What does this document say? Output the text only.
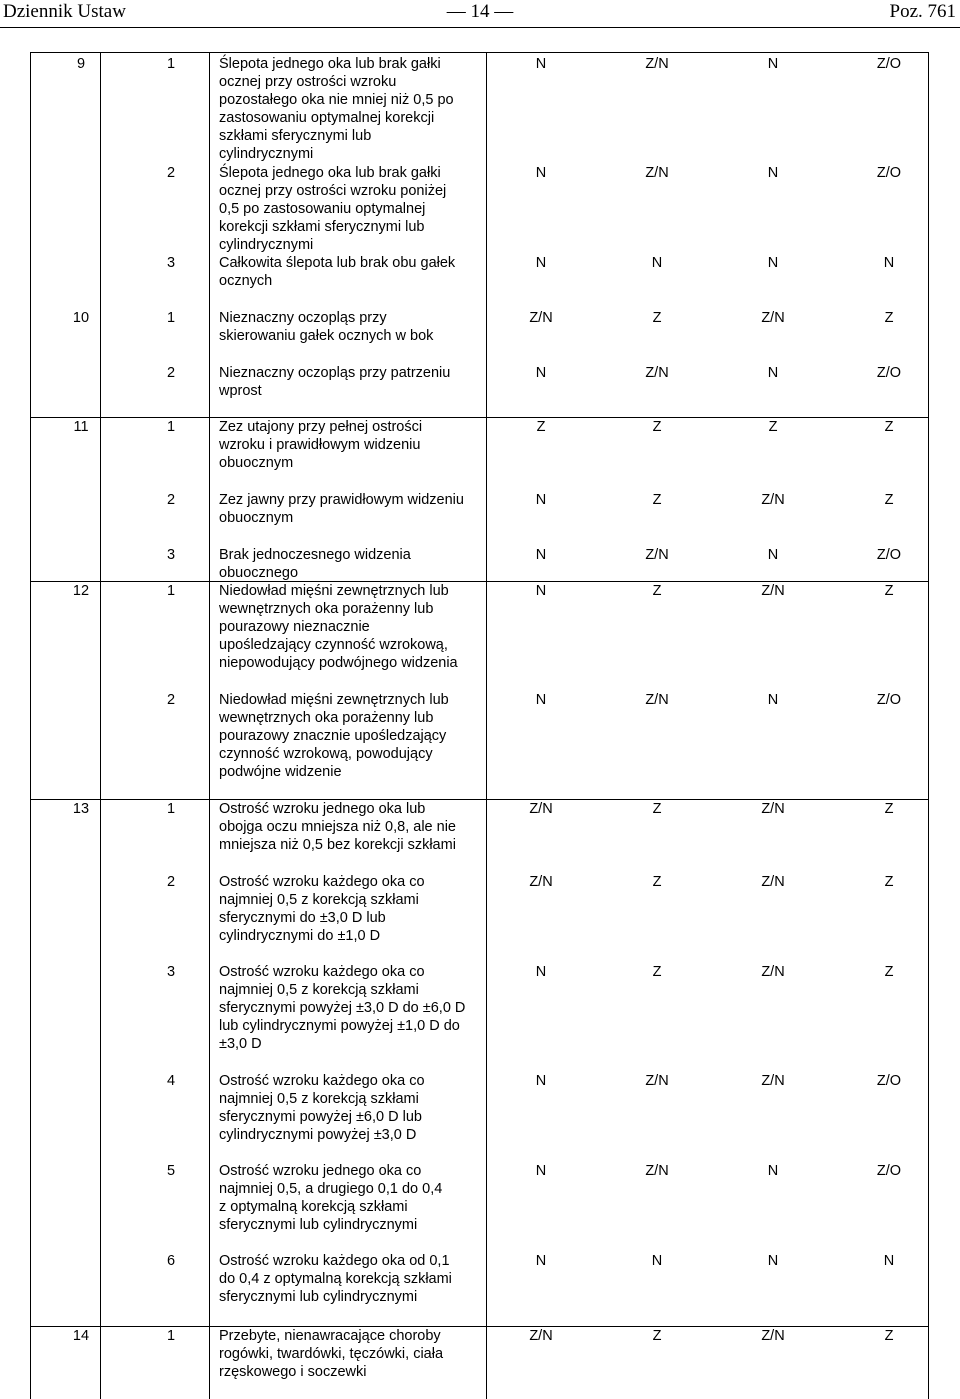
Dziennik Ustaw	— 14 —	Poz. 761
9	1	Ślepota jednego oka lub brak gałki
ocznej przy ostrości wzroku
pozostałego oka nie mniej niż 0,5 po
zastosowaniu optymalnej korekcji
szkłami sferycznymi lub
cylindrycznymi
N	Z/N	N	Z/O
2	Ślepota jednego oka lub brak gałki
ocznej przy ostrości wzroku poniżej
0,5 po zastosowaniu optymalnej
korekcji szkłami sferycznymi lub
cylindrycznymi
N	Z/N	N	Z/O
3	Całkowita ślepota lub brak obu gałek
ocznych
N	N	N	N
10	1	Nieznaczny oczopląs przy
skierowaniu gałek ocznych w bok
Z/N	Z	Z/N	Z
2	Nieznaczny oczopląs przy patrzeniu
wprost
N	Z/N	N	Z/O
11	1	Zez utajony przy pełnej ostrości
wzroku i prawidłowym widzeniu
obuocznym
Z	Z	Z	Z
2	Zez jawny przy prawidłowym widzeniu
obuocznym
N	Z	Z/N	Z
3	Brak jednoczesnego widzenia
obuocznego
N	Z/N	N	Z/O
12	1	Niedowład mięśni zewnętrznych lub
wewnętrznych oka porażenny lub
pourazowy nieznacznie
upośledzający czynność wzrokową,
niepowodujący podwójnego widzenia
N	Z	Z/N	Z
2	Niedowład mięśni zewnętrznych lub
wewnętrznych oka porażenny lub
pourazowy znacznie upośledzający
czynność wzrokową, powodujący
podwójne widzenie
N	Z/N	N	Z/O
13	1	Ostrość wzroku jednego oka lub
obojga oczu mniejsza niż 0,8, ale nie
mniejsza niż 0,5 bez korekcji szkłami
Z/N	Z	Z/N	Z
2	Ostrość wzroku każdego oka co
najmniej 0,5 z korekcją szkłami
sferycznymi do ±3,0 D lub
cylindrycznymi do ±1,0 D
Z/N	Z	Z/N	Z
3	Ostrość wzroku każdego oka co
najmniej 0,5 z korekcją szkłami
sferycznymi powyżej ±3,0 D do ±6,0 D
lub cylindrycznymi powyżej ±1,0 D do
±3,0 D
N	Z	Z/N	Z
4	Ostrość wzroku każdego oka co
najmniej 0,5 z korekcją szkłami
sferycznymi powyżej ±6,0 D lub
cylindrycznymi powyżej ±3,0 D
N	Z/N	Z/N	Z/O
5	Ostrość wzroku jednego oka co
najmniej 0,5, a drugiego 0,1 do 0,4
z optymalną korekcją szkłami
sferycznymi lub cylindrycznymi
N	Z/N	N	Z/O
6	Ostrość wzroku każdego oka od 0,1
do 0,4 z optymalną korekcją szkłami
sferycznymi lub cylindrycznymi
N	N	N	N
14	1	Przebyte, nienawracające choroby
rogówki, twardówki, tęczówki, ciała
rzęskowego i soczewki
Z/N	Z	Z/N	Z
